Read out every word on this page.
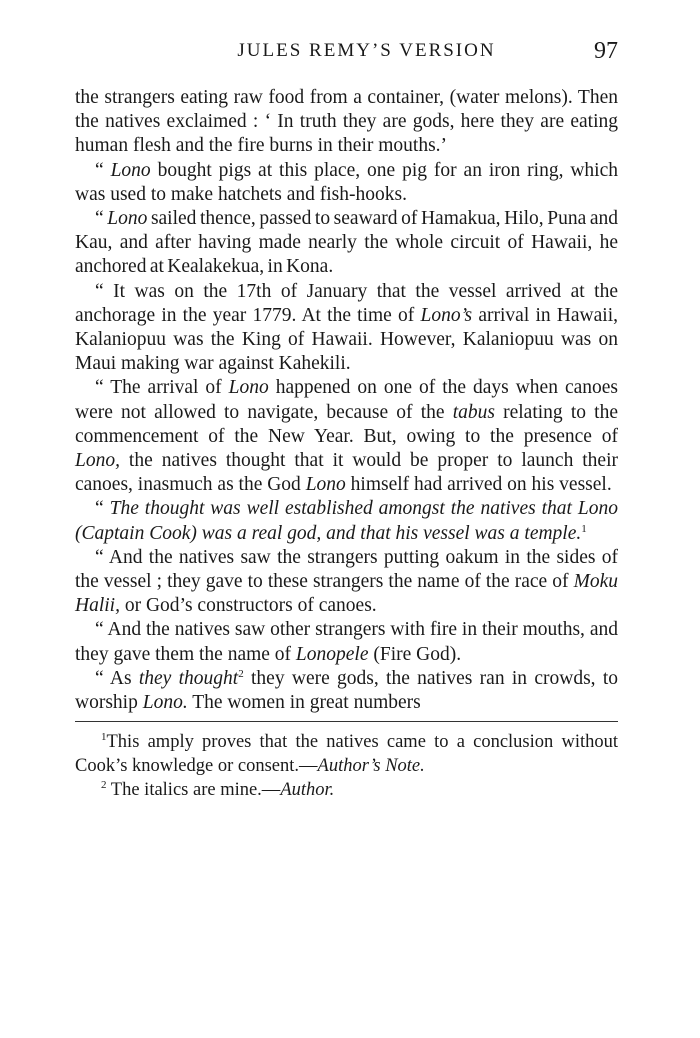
JULES REMY’S VERSION	97

the strangers eating raw food from a container, (water melons). Then the natives exclaimed : ‘ In truth they are gods, here they are eating human flesh and the fire burns in their mouths.’

“ Lono bought pigs at this place, one pig for an iron ring, which was used to make hatchets and fish-hooks.

“ Lono sailed thence, passed to seaward of Hamakua, Hilo, Puna and Kau, and after having made nearly the whole circuit of Hawaii, he anchored at Kealakekua, in Kona.

“ It was on the 17th of January that the vessel arrived at the anchorage in the year 1779. At the time of Lono’s arrival in Hawaii, Kalaniopuu was the King of Hawaii. However, Kalaniopuu was on Maui making war against Kahekili.

“ The arrival of Lono happened on one of the days when canoes were not allowed to navigate, because of the tabus relating to the commencement of the New Year. But, owing to the presence of Lono, the natives thought that it would be proper to launch their canoes, inasmuch as the God Lono himself had arrived on his vessel.

“ The thought was well established amongst the natives that Lono (Captain Cook) was a real god, and that his vessel was a temple.$^1$

“ And the natives saw the strangers putting oakum in the sides of the vessel ; they gave to these strangers the name of the race of Moku Halii, or God’s constructors of canoes.

“ And the natives saw other strangers with fire in their mouths, and they gave them the name of Lonopele (Fire God).

“ As they thought$^2$ they were gods, the natives ran in crowds, to worship Lono. The women in great numbers

$^1$This amply proves that the natives came to a conclusion without Cook’s knowledge or consent.—Author’s Note.

$^2$ The italics are mine.—Author.
